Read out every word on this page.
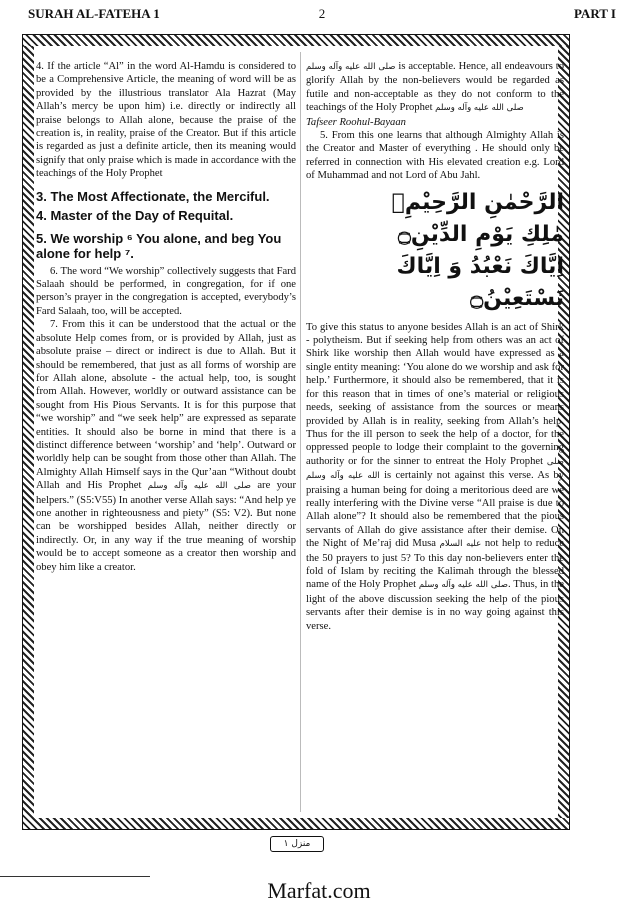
SURAH AL-FATEHA 1	2	PART I

4. If the article “Al” in the word Al-Hamdu is considered to be a Comprehensive Article, the meaning of word will be as provided by the illustrious translator Ala Hazrat (May Allah’s mercy be upon him) i.e. directly or indirectly all praise belongs to Allah alone, because the praise of the creation is, in reality, praise of the Creator. But if this article is regarded as just a definite article, then its meaning would signify that only praise which is made in accordance with the teachings of the Holy Prophet

3. The Most Affectionate, the Merciful.

4. Master of the Day of Requital.

5. We worship ⁶ You alone, and beg You alone for help ⁷.

6. The word “We worship” collectively suggests that Fard Salaah should be performed, in congregation, for if one person’s prayer in the congregation is accepted, everybody’s Fard Salaah, too, will be accepted.

7. From this it can be understood that the actual or the absolute Help comes from, or is provided by Allah, just as absolute praise – direct or indirect is due to Allah. But it should be remembered, that just as all forms of worship are for Allah alone, absolute - the actual help, too, is sought from Allah. However, worldly or outward assistance can be sought from His Pious Servants. It is for this purpose that “we worship” and “we seek help” are expressed as separate entities. It should also be borne in mind that there is a distinct difference between ‘worship’ and ‘help’. Outward or worldly help can be sought from those other than Allah. The Almighty Allah Himself says in the Qur’aan “Without doubt Allah and His Prophet صلى الله عليه وآله وسلم are your helpers.” (S5:V55) In another verse Allah says: “And help ye one another in righteousness and piety” (S5: V2). But none can be worshipped besides Allah, neither directly or indirectly. Or, in any way if the true meaning of worship would be to accept someone as a creator then worship and obey him like a creator.

صلى الله عليه وآله وسلم is acceptable. Hence, all endeavours to glorify Allah by the non-believers would be regarded as futile and non-acceptable as they do not conform to the teachings of the Holy Prophet صلى الله عليه وآله وسلم

Tafseer Roohul-Bayaan

5. From this one learns that although Almighty Allah is the Creator and Master of everything . He should only be referred in connection with His elevated creation e.g. Lord of Muhammad and not Lord of Abu Jahl.

الرَّحْمٰنِ الرَّحِيْمِۙ
مٰلِكِ يَوْمِ الدِّيْنِ۝
اِيَّاكَ نَعْبُدُ وَ اِيَّاكَ نَسْتَعِيْنُ۝

To give this status to anyone besides Allah is an act of Shirk - polytheism. But if seeking help from others was an act of Shirk like worship then Allah would have expressed as a single entity meaning: ‘You alone do we worship and ask for help.’ Furthermore, it should also be remembered, that it is for this reason that in times of one’s material or religious needs, seeking of assistance from the sources or means provided by Allah is in reality, seeking from Allah’s help. Thus for the ill person to seek the help of a doctor, for the oppressed people to lodge their complaint to the governing authority or for the sinner to entreat the Holy Prophet صلى الله عليه وآله وسلم is certainly not against this verse. As by praising a human being for doing a meritorious deed are we really interfering with the Divine verse “All praise is due to Allah alone”? It should also be remembered that the pious servants of Allah do give assistance after their demise. On the Night of Me’raj did Musa عليه السلام not help to reduce the 50 prayers to just 5? To this day non-believers enter the fold of Islam by reciting the Kalimah through the blessed name of the Holy Prophet صلى الله عليه وآله وسلم. Thus, in the light of the above discussion seeking the help of the pious servants after their demise is in no way going against this verse.

منزل ١
Marfat.com
